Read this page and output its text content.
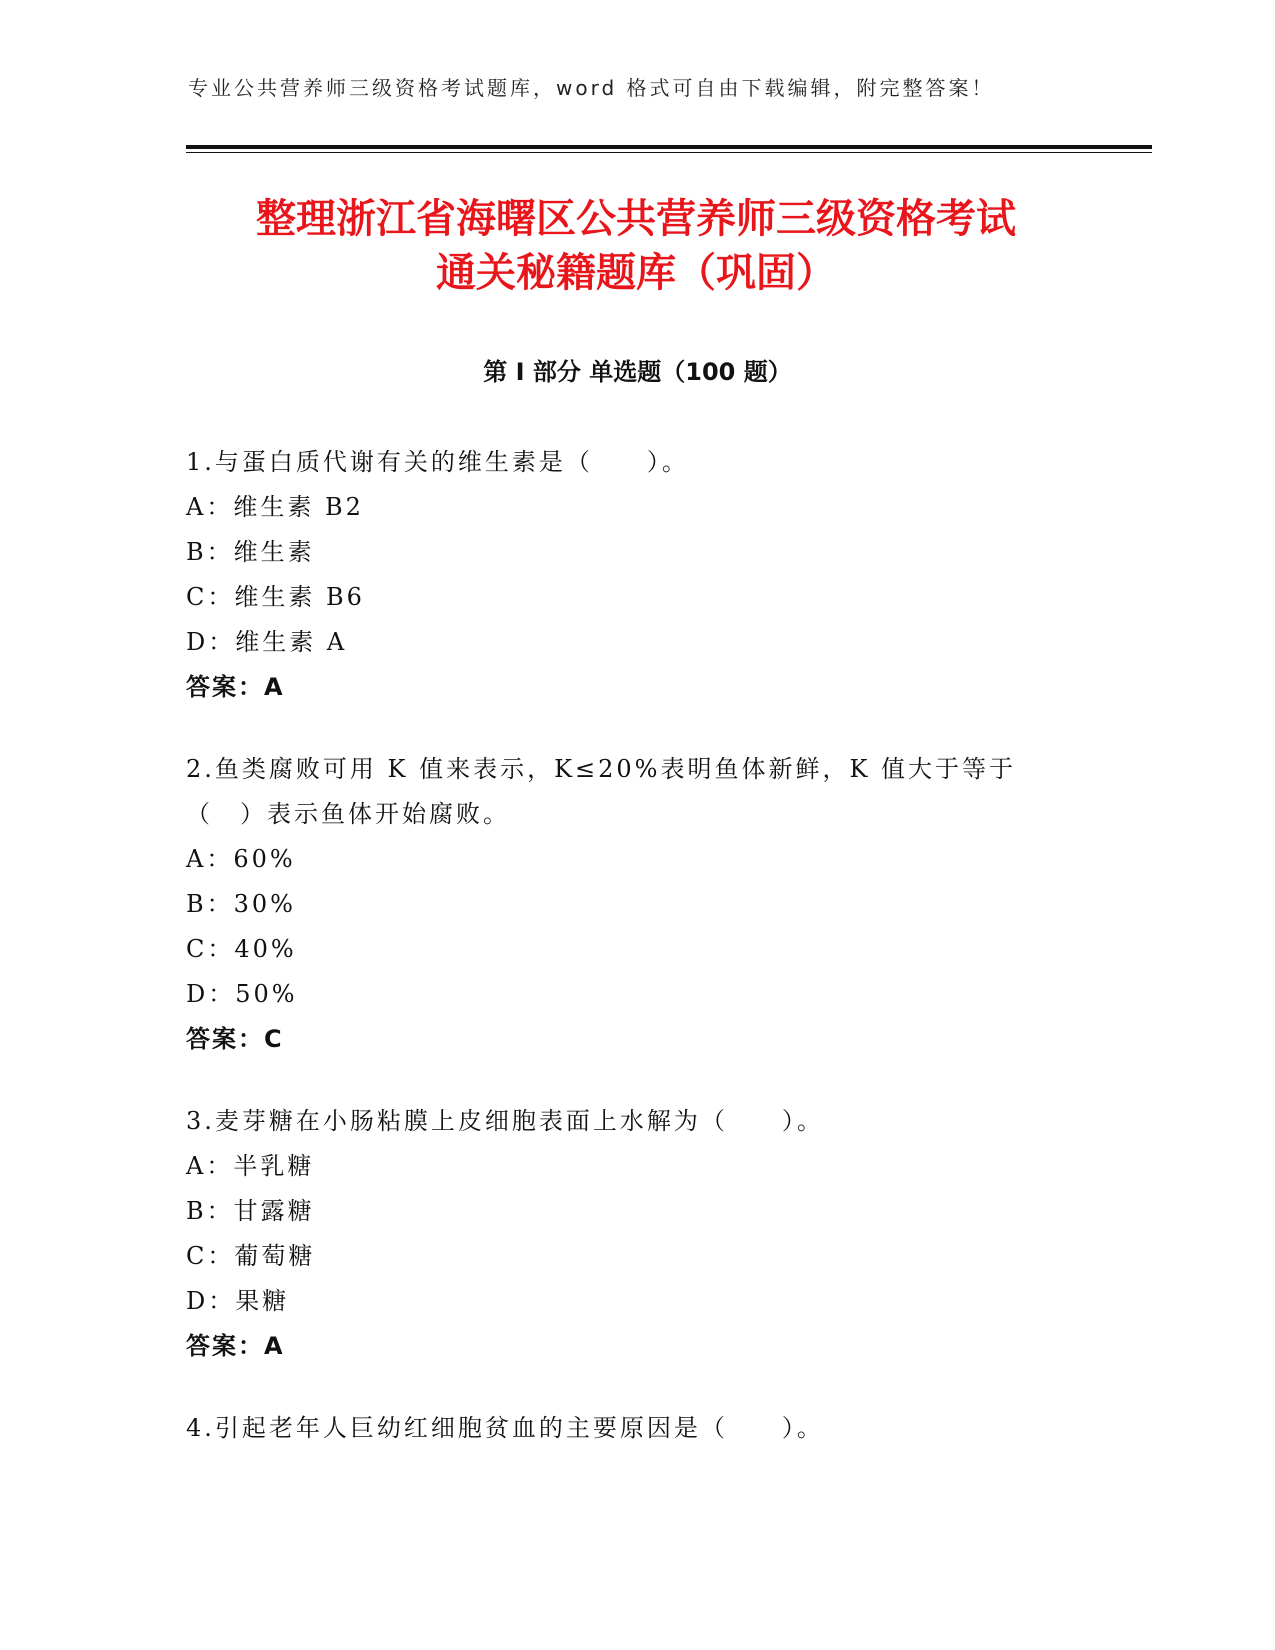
专业公共营养师三级资格考试题库，word 格式可自由下载编辑，附完整答案！
整理浙江省海曙区公共营养师三级资格考试
通关秘籍题库（巩固）
第 I 部分 单选题（100 题）
1.与蛋白质代谢有关的维生素是（　　）。
A：维生素 B2
B：维生素
C：维生素 B6
D：维生素 A
答案：A
2.鱼类腐败可用 K 值来表示，K≤20%表明鱼体新鲜，K 值大于等于（　）表示鱼体开始腐败。
A：60%
B：30%
C：40%
D：50%
答案：C
3.麦芽糖在小肠粘膜上皮细胞表面上水解为（　　）。
A：半乳糖
B：甘露糖
C：葡萄糖
D：果糖
答案：A
4.引起老年人巨幼红细胞贫血的主要原因是（　　）。
